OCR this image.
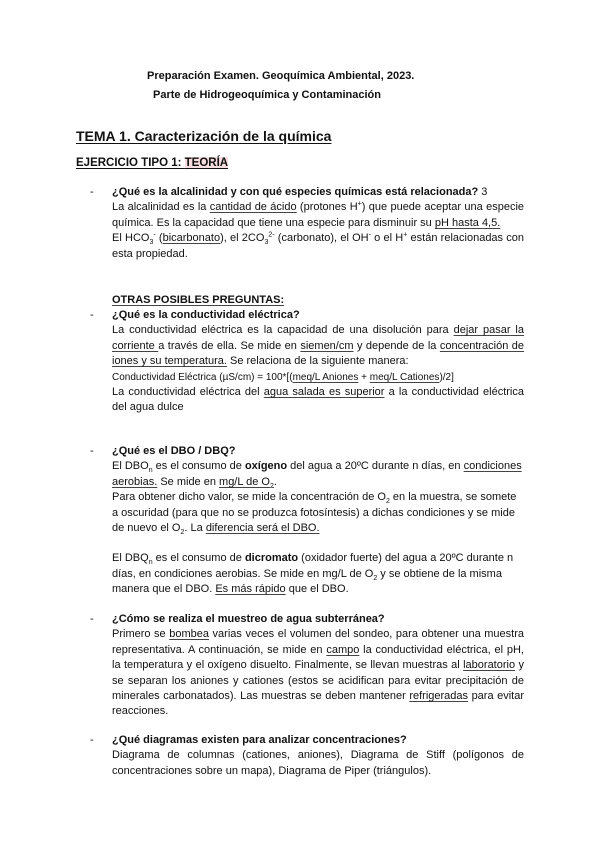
Preparación Examen. Geoquímica Ambiental, 2023.
Parte de Hidrogeoquímica y Contaminación
TEMA 1. Caracterización de la química
EJERCICIO TIPO 1: TEORÍA
- ¿Qué es la alcalinidad y con qué especies químicas está relacionada? 3
La alcalinidad es la cantidad de ácido (protones H+) que puede aceptar una especie química. Es la capacidad que tiene una especie para disminuir su pH hasta 4,5.
El $HCO_3^-$ (bicarbonato), el $2CO_3^{2-}$ (carbonato), el OH- o el H+ están relacionadas con esta propiedad.
OTRAS POSIBLES PREGUNTAS:
- ¿Qué es la conductividad eléctrica?
La conductividad eléctrica es la capacidad de una disolución para dejar pasar la corriente a través de ella. Se mide en siemen/cm y depende de la concentración de iones y su temperatura. Se relaciona de la siguiente manera:
Conductividad Eléctrica (µS/cm) = 100*[(meq/L Aniones + meq/L Cationes)/2]
La conductividad eléctrica del agua salada es superior a la conductividad eléctrica del agua dulce
- ¿Qué es el DBO / DBQ?
El $DBO_n$ es el consumo de oxígeno del agua a 20ºC durante n días, en condiciones aerobias. Se mide en mg/L de $O_2$.
Para obtener dicho valor, se mide la concentración de $O_2$ en la muestra, se somete a oscuridad (para que no se produzca fotosíntesis) a dichas condiciones y se mide de nuevo el $O_2$. La diferencia será el DBO.
El $DBQ_n$ es el consumo de dicromato (oxidador fuerte) del agua a 20ºC durante n días, en condiciones aerobias. Se mide en mg/L de $O_2$ y se obtiene de la misma manera que el DBO. Es más rápido que el DBO.
- ¿Cómo se realiza el muestreo de agua subterránea?
Primero se bombea varias veces el volumen del sondeo, para obtener una muestra representativa. A continuación, se mide en campo la conductividad eléctrica, el pH, la temperatura y el oxígeno disuelto. Finalmente, se llevan muestras al laboratorio y se separan los aniones y cationes (estos se acidifican para evitar precipitación de minerales carbonatados). Las muestras se deben mantener refrigeradas para evitar reacciones.
- ¿Qué diagramas existen para analizar concentraciones?
Diagrama de columnas (cationes, aniones), Diagrama de Stiff (polígonos de concentraciones sobre un mapa), Diagrama de Piper (triángulos).
